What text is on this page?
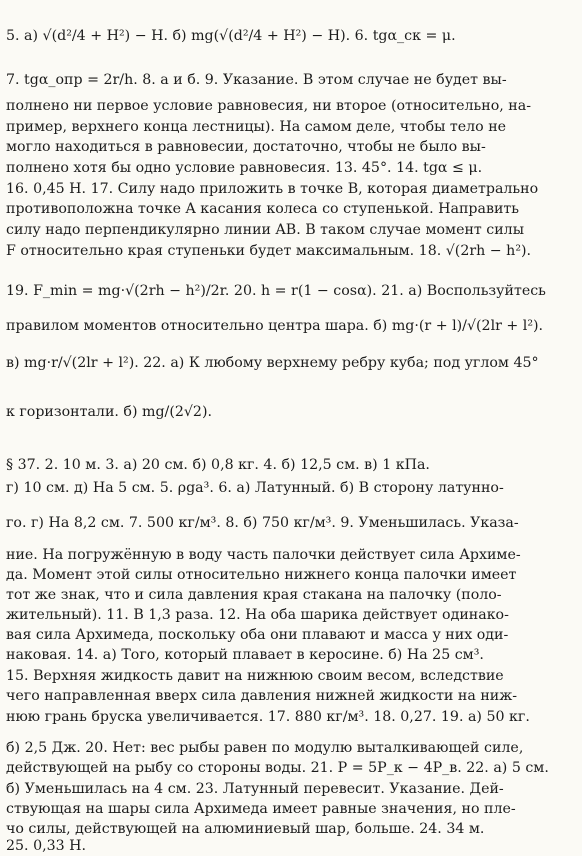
5. а) √(d²/4 + H²) − H. б) mg(√(d²/4 + H²) − H). 6. tgα_ск = μ.
7. tgα_опр = 2r/h. 8. а и б. 9. Указание. В этом случае не будет вы-
полнено ни первое условие равновесия, ни второе (относительно, на-
пример, верхнего конца лестницы). На самом деле, чтобы тело не
могло находиться в равновесии, достаточно, чтобы не было вы-
полнено хотя бы одно условие равновесия. 13. 45°. 14. tgα ≤ μ.
16. 0,45 Н. 17. Силу надо приложить в точке B, которая диаметрально
противоположна точке A касания колеса со ступенькой. Направить
силу надо перпендикулярно линии AB. В таком случае момент силы
F относительно края ступеньки будет максимальным. 18. √(2rh − h²).
19. F_min = mg·√(2rh − h²)/2r. 20. h = r(1 − cosα). 21. а) Воспользуйтесь
правилом моментов относительно центра шара. б) mg·(r + l)/√(2lr + l²).
в) mg·r/√(2lr + l²). 22. а) К любому верхнему ребру куба; под углом 45°
к горизонтали. б) mg/(2√2).
§ 37. 2. 10 м. 3. а) 20 см. б) 0,8 кг. 4. б) 12,5 см. в) 1 кПа.
г) 10 см. д) На 5 см. 5. ρga³. 6. а) Латунный. б) В сторону латунно-
го. г) На 8,2 см. 7. 500 кг/м³. 8. б) 750 кг/м³. 9. Уменьшилась. Указа-
ние. На погружённую в воду часть палочки действует сила Архиме-
да. Момент этой силы относительно нижнего конца палочки имеет
тот же знак, что и сила давления края стакана на палочку (поло-
жительный). 11. В 1,3 раза. 12. На оба шарика действует одинако-
вая сила Архимеда, поскольку оба они плавают и масса у них оди-
наковая. 14. а) Того, который плавает в керосине. б) На 25 см³.
15. Верхняя жидкость давит на нижнюю своим весом, вследствие
чего направленная вверх сила давления нижней жидкости на ниж-
нюю грань бруска увеличивается. 17. 880 кг/м³. 18. 0,27. 19. а) 50 кг.
б) 2,5 Дж. 20. Нет: вес рыбы равен по модулю выталкивающей силе,
действующей на рыбу со стороны воды. 21. P = 5P_к − 4P_в. 22. а) 5 см.
б) Уменьшилась на 4 см. 23. Латунный перевесит. Указание. Дей-
ствующая на шары сила Архимеда имеет равные значения, но пле-
чо силы, действующей на алюминиевый шар, больше. 24. 34 м.
25. 0,33 Н.
